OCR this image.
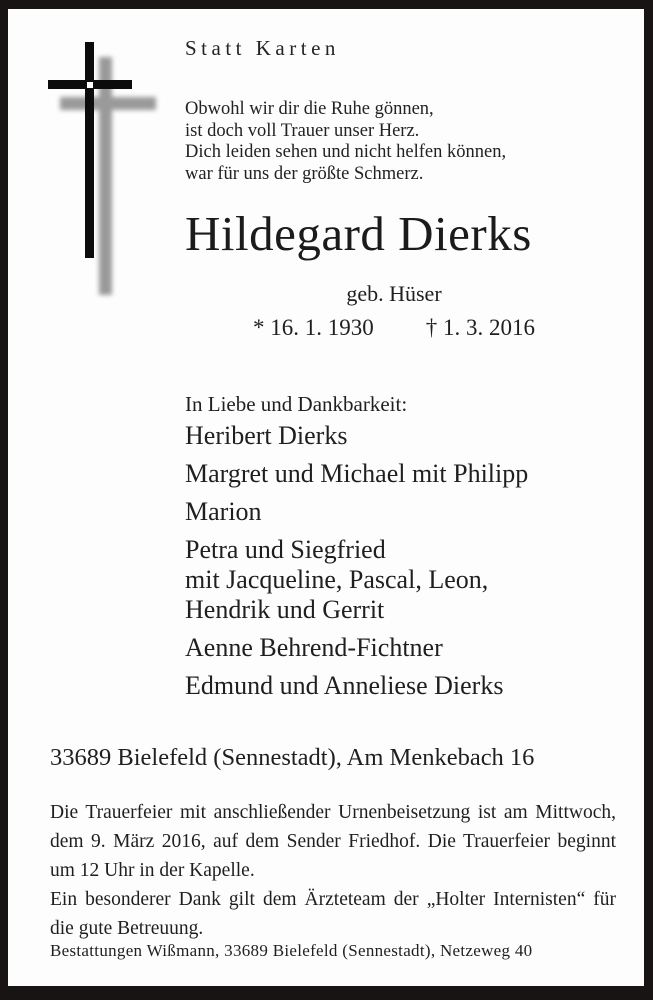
Statt Karten
Obwohl wir dir die Ruhe gönnen,
ist doch voll Trauer unser Herz.
Dich leiden sehen und nicht helfen können,
war für uns der größte Schmerz.
Hildegard Dierks
geb. Hüser
* 16. 1. 1930 † 1. 3. 2016
In Liebe und Dankbarkeit:
Heribert Dierks
Margret und Michael mit Philipp
Marion
Petra und Siegfried
mit Jacqueline, Pascal, Leon,
Hendrik und Gerrit
Aenne Behrend-Fichtner
Edmund und Anneliese Dierks
33689 Bielefeld (Sennestadt), Am Menkebach 16

Die Trauerfeier mit anschließender Urnenbeisetzung ist am Mittwoch, dem 9. März 2016, auf dem Sender Friedhof. Die Trauerfeier beginnt um 12 Uhr in der Kapelle.

Ein besonderer Dank gilt dem Ärzteteam der „Holter Internisten“ für die gute Betreuung.

Bestattungen Wißmann, 33689 Bielefeld (Sennestadt), Netzeweg 40
